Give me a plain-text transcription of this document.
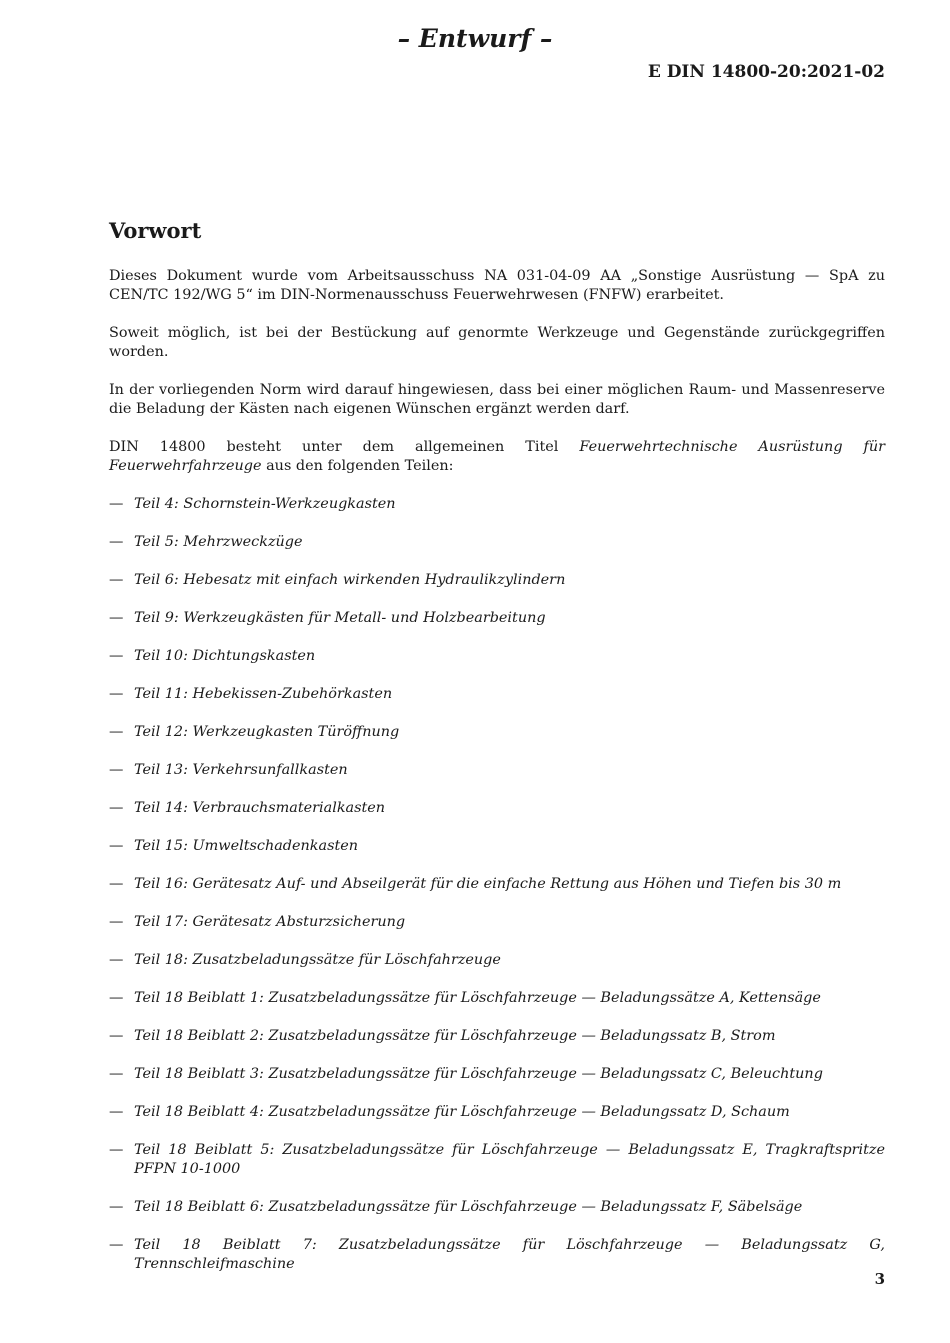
– Entwurf –
E DIN 14800-20:2021-02
Vorwort

Dieses Dokument wurde vom Arbeitsausschuss NA 031-04-09 AA „Sonstige Ausrüstung — SpA zu CEN/TC 192/WG 5“ im DIN-Normenausschuss Feuerwehrwesen (FNFW) erarbeitet.

Soweit möglich, ist bei der Bestückung auf genormte Werkzeuge und Gegenstände zurückgegriffen worden.

In der vorliegenden Norm wird darauf hingewiesen, dass bei einer möglichen Raum- und Massenreserve die Beladung der Kästen nach eigenen Wünschen ergänzt werden darf.

DIN 14800 besteht unter dem allgemeinen Titel Feuerwehrtechnische Ausrüstung für Feuerwehrfahrzeuge aus den folgenden Teilen:

— Teil 4: Schornstein-Werkzeugkasten
— Teil 5: Mehrzweckzüge
— Teil 6: Hebesatz mit einfach wirkenden Hydraulikzylindern
— Teil 9: Werkzeugkästen für Metall- und Holzbearbeitung
— Teil 10: Dichtungskasten
— Teil 11: Hebekissen-Zubehörkasten
— Teil 12: Werkzeugkasten Türöffnung
— Teil 13: Verkehrsunfallkasten
— Teil 14: Verbrauchsmaterialkasten
— Teil 15: Umweltschadenkasten
— Teil 16: Gerätesatz Auf- und Abseilgerät für die einfache Rettung aus Höhen und Tiefen bis 30 m
— Teil 17: Gerätesatz Absturzsicherung
— Teil 18: Zusatzbeladungssätze für Löschfahrzeuge
— Teil 18 Beiblatt 1: Zusatzbeladungssätze für Löschfahrzeuge — Beladungssätze A, Kettensäge
— Teil 18 Beiblatt 2: Zusatzbeladungssätze für Löschfahrzeuge — Beladungssatz B, Strom
— Teil 18 Beiblatt 3: Zusatzbeladungssätze für Löschfahrzeuge — Beladungssatz C, Beleuchtung
— Teil 18 Beiblatt 4: Zusatzbeladungssätze für Löschfahrzeuge — Beladungssatz D, Schaum
— Teil 18 Beiblatt 5: Zusatzbeladungssätze für Löschfahrzeuge — Beladungssatz E, Tragkraftspritze PFPN 10-1000
— Teil 18 Beiblatt 6: Zusatzbeladungssätze für Löschfahrzeuge — Beladungssatz F, Säbelsäge
— Teil 18 Beiblatt 7: Zusatzbeladungssätze für Löschfahrzeuge — Beladungssatz G, Trennschleifmaschine
3
